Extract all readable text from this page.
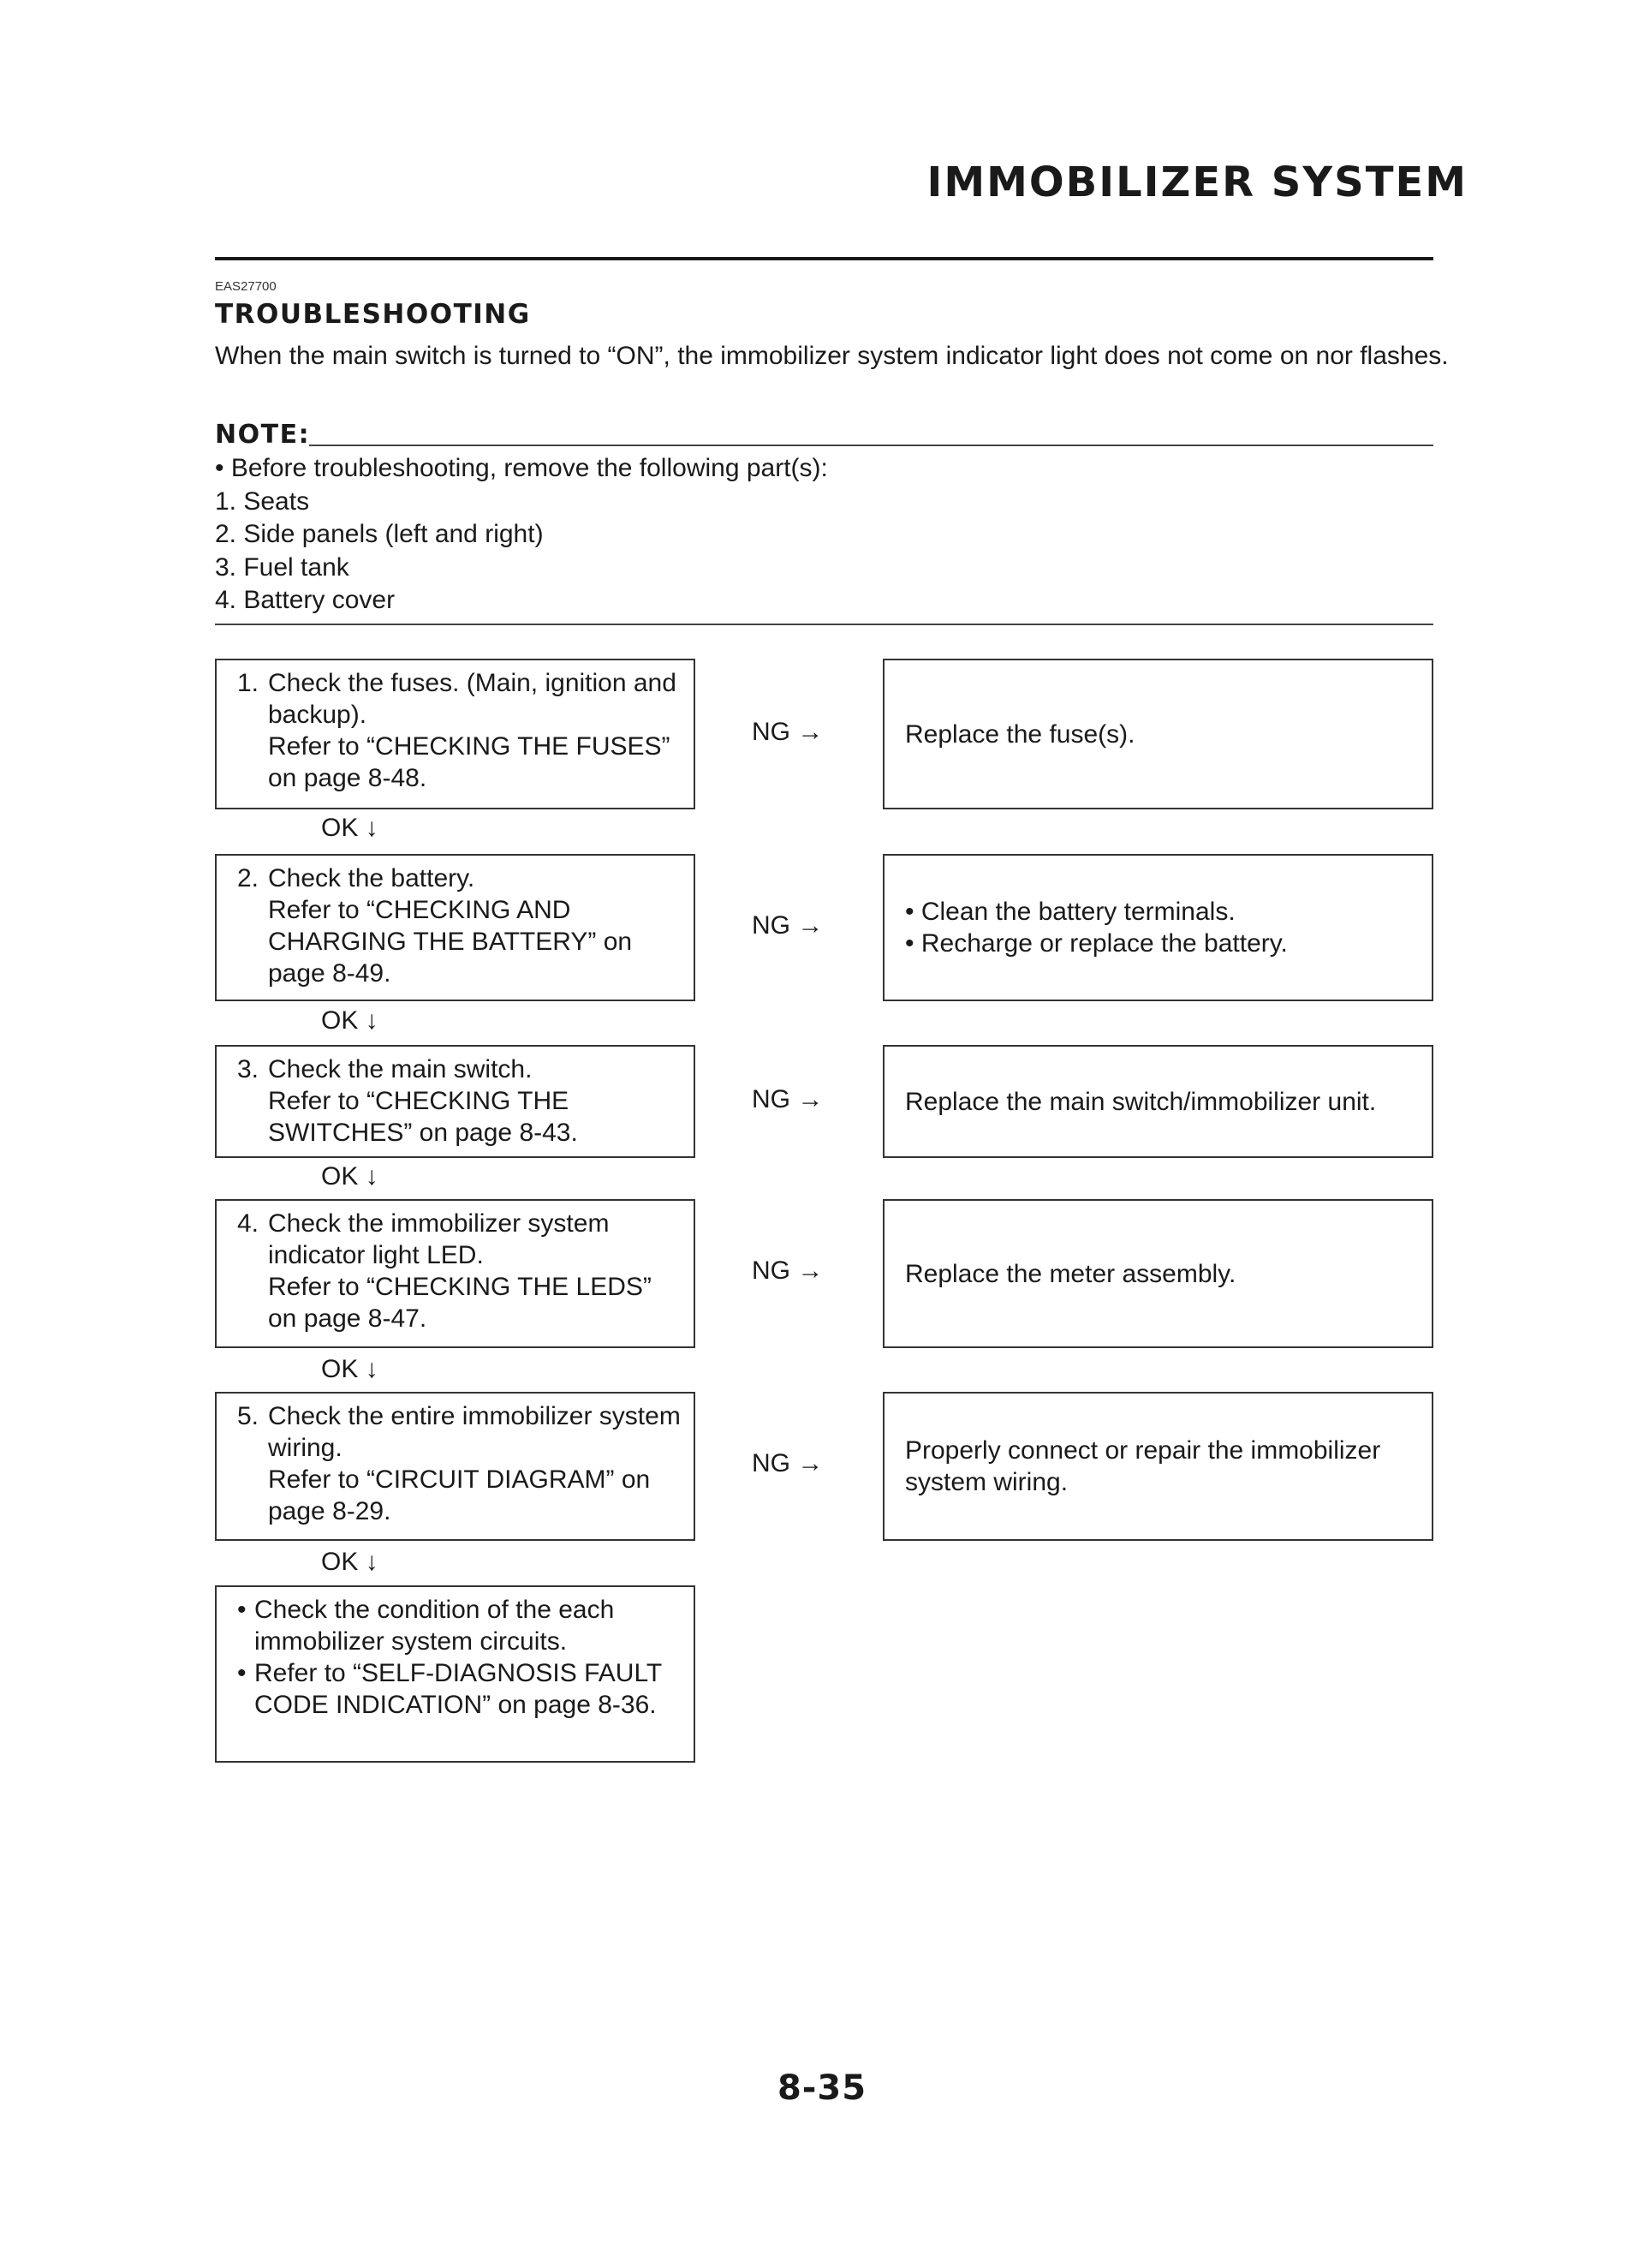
IMMOBILIZER SYSTEM
EAS27700
TROUBLESHOOTING
When the main switch is turned to “ON”, the immobilizer system indicator light does not come on nor flashes.
NOTE:
• Before troubleshooting, remove the following part(s):
1. Seats
2. Side panels (left and right)
3. Fuel tank
4. Battery cover
1. Check the fuses. (Main, ignition and backup).
Refer to “CHECKING THE FUSES” on page 8-48.
NG →	Replace the fuse(s).
OK ↓
2. Check the battery.
Refer to “CHECKING AND CHARGING THE BATTERY” on page 8-49.
NG →	• Clean the battery terminals.
• Recharge or replace the battery.
OK ↓
3. Check the main switch.
Refer to “CHECKING THE SWITCHES” on page 8-43.
NG →	Replace the main switch/immobilizer unit.
OK ↓
4. Check the immobilizer system indicator light LED.
Refer to “CHECKING THE LEDS” on page 8-47.
NG →	Replace the meter assembly.
OK ↓
5. Check the entire immobilizer system wiring.
Refer to “CIRCUIT DIAGRAM” on page 8-29.
NG →	Properly connect or repair the immobilizer system wiring.
OK ↓
• Check the condition of the each immobilizer system circuits.
• Refer to “SELF-DIAGNOSIS FAULT CODE INDICATION” on page 8-36.
8-35
